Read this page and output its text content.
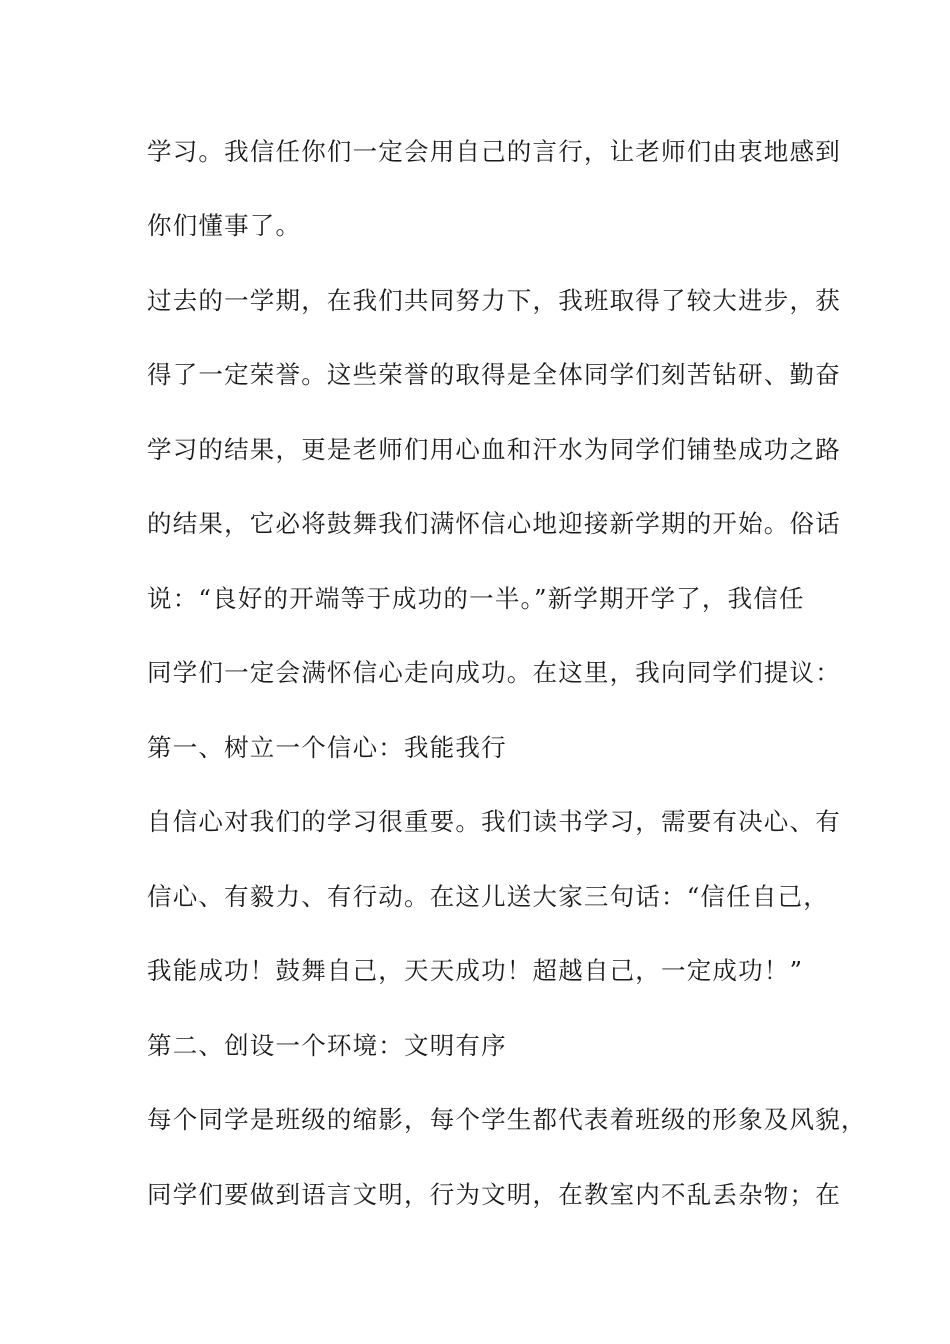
学习。我信任你们一定会用自己的言行，让老师们由衷地感到
你们懂事了。
过去的一学期，在我们共同努力下，我班取得了较大进步，获
得了一定荣誉。这些荣誉的取得是全体同学们刻苦钻研、勤奋
学习的结果，更是老师们用心血和汗水为同学们铺垫成功之路
的结果，它必将鼓舞我们满怀信心地迎接新学期的开始。俗话
说：“良好的开端等于成功的一半。”新学期开学了，我信任
同学们一定会满怀信心走向成功。在这里，我向同学们提议：
第一、树立一个信心：我能我行
自信心对我们的学习很重要。我们读书学习，需要有决心、有
信心、有毅力、有行动。在这儿送大家三句话：“信任自己，
我能成功！鼓舞自己，天天成功！超越自己，一定成功！”
第二、创设一个环境：文明有序
每个同学是班级的缩影，每个学生都代表着班级的形象及风貌，
同学们要做到语言文明，行为文明，在教室内不乱丢杂物；在
